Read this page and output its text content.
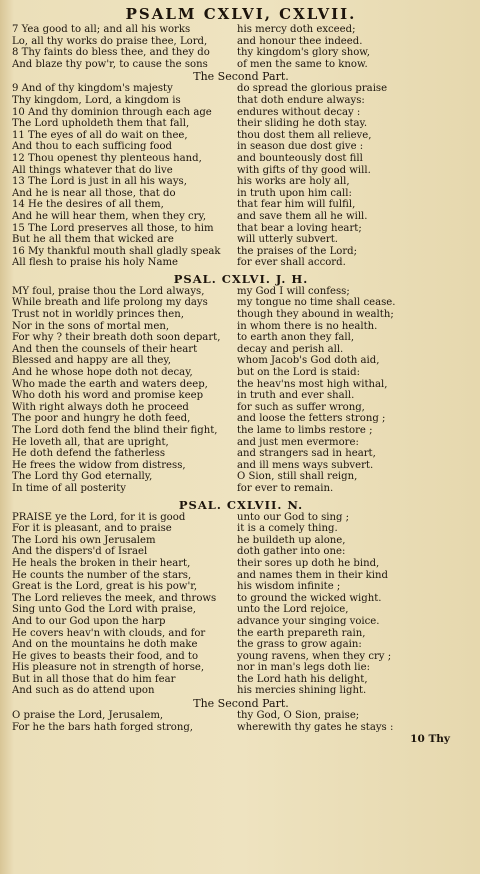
PSALM CXLVI, CXLVII.
7 Yea good to all; and all his works	his mercy doth exceed;
Lo, all thy works do praise thee, Lord,	and honour thee indeed.
8 Thy faints do bless thee, and they do	thy kingdom's glory show,
And blaze thy pow'r, to cause the sons	of men the same to know.
The Second Part.
9 And of thy kingdom's majesty	do spread the glorious praise
Thy kingdom, Lord, a kingdom is	that doth endure always:
10 And thy dominion through each age	endures without decay :
The Lord upholdeth them that fall,	their sliding he doth stay.
11 The eyes of all do wait on thee,	thou dost them all relieve,
And thou to each sufficing food	in season due dost give :
12 Thou openest thy plenteous hand,	and bounteously dost fill
All things whatever that do live	with gifts of thy good will.
13 The Lord is just in all his ways,	his works are holy all,
And he is near all those, that do	in truth upon him call:
14 He the desires of all them,	that fear him will fulfil,
And he will hear them, when they cry,	and save them all he will.
15 The Lord preserves all those, to him	that bear a loving heart;
But he all them that wicked are	will utterly subvert.
16 My thankful mouth shall gladly speak	the praises of the Lord;
All flesh to praise his holy Name	for ever shall accord.
PSAL. CXLVI. J. H.
MY foul, praise thou the Lord always,	my God I will confess;
While breath and life prolong my days	my tongue no time shall cease.
Trust not in worldly princes then,	though they abound in wealth;
Nor in the sons of mortal men,	in whom there is no health.
For why ? their breath doth soon depart,	to earth anon they fall,
And then the counsels of their heart	decay and perish all.
Blessed and happy are all they,	whom Jacob's God doth aid,
And he whose hope doth not decay,	but on the Lord is staid:
Who made the earth and waters deep,	the heav'ns most high withal,
Who doth his word and promise keep	in truth and ever shall.
With right always doth he proceed	for such as suffer wrong,
The poor and hungry he doth feed,	and loose the fetters strong ;
The Lord doth fend the blind their fight,	the lame to limbs restore ;
He loveth all, that are upright,	and just men evermore:
He doth defend the fatherless	and strangers sad in heart,
He frees the widow from distress,	and ill mens ways subvert.
The Lord thy God eternally,	O Sion, still shall reign,
In time of all posterity	for ever to remain.
PSAL. CXLVII. N.
PRAISE ye the Lord, for it is good	unto our God to sing ;
For it is pleasant, and to praise	it is a comely thing.
The Lord his own Jerusalem	he buildeth up alone,
And the dispers'd of Israel	doth gather into one:
He heals the broken in their heart,	their sores up doth he bind,
He counts the number of the stars,	and names them in their kind
Great is the Lord, great is his pow'r,	his wisdom infinite ;
The Lord relieves the meek, and throws	to ground the wicked wight.
Sing unto God the Lord with praise,	unto the Lord rejoice,
And to our God upon the harp	advance your singing voice.
He covers heav'n with clouds, and for	the earth prepareth rain,
And on the mountains he doth make	the grass to grow again:
He gives to beasts their food, and to	young ravens, when they cry ;
His pleasure not in strength of horse,	nor in man's legs doth lie:
But in all those that do him fear	the Lord hath his delight,
And such as do attend upon	his mercies shining light.
The Second Part.
O praise the Lord, Jerusalem,	thy God, O Sion, praise;
For he the bars hath forged strong,	wherewith thy gates he stays :
10 Thy
